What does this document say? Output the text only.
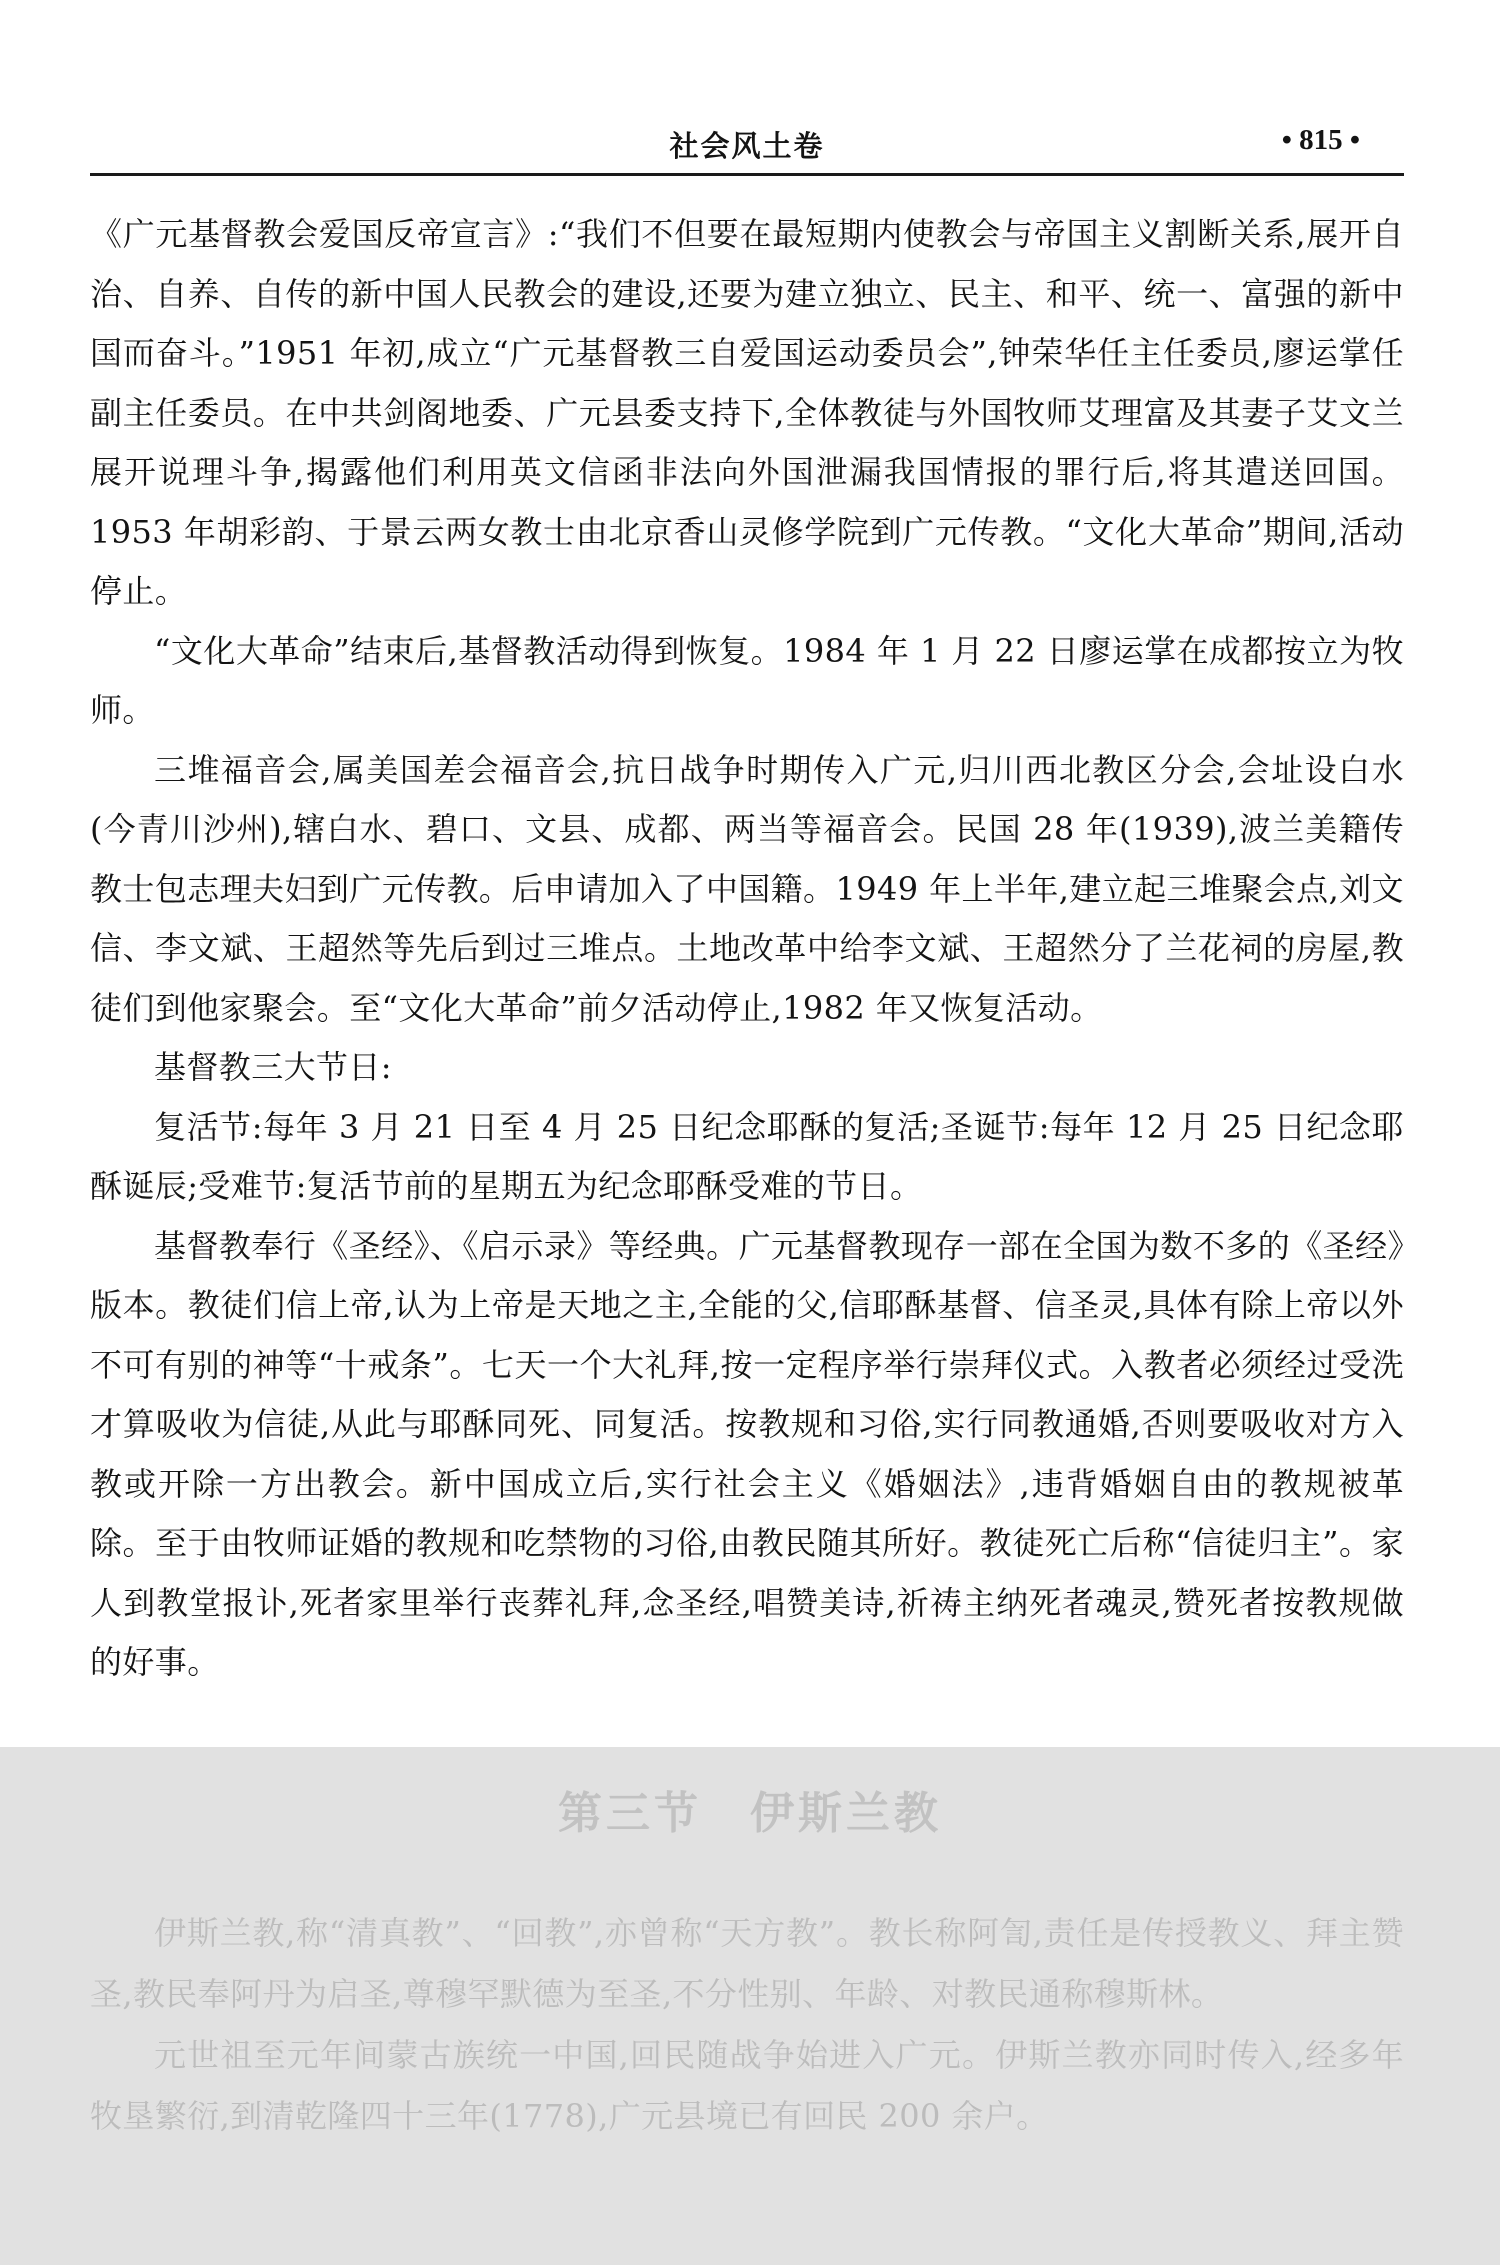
社会风土卷	• 815 •

《广元基督教会爱国反帝宣言》:“我们不但要在最短期内使教会与帝国主义割断关系,展开自治、自养、自传的新中国人民教会的建设,还要为建立独立、民主、和平、统一、富强的新中国而奋斗。”1951 年初,成立“广元基督教三自爱国运动委员会”,钟荣华任主任委员,廖运掌任副主任委员。在中共剑阁地委、广元县委支持下,全体教徒与外国牧师艾理富及其妻子艾文兰展开说理斗争,揭露他们利用英文信函非法向外国泄漏我国情报的罪行后,将其遣送回国。1953 年胡彩韵、于景云两女教士由北京香山灵修学院到广元传教。“文化大革命”期间,活动停止。

“文化大革命”结束后,基督教活动得到恢复。1984 年 1 月 22 日廖运掌在成都按立为牧师。

三堆福音会,属美国差会福音会,抗日战争时期传入广元,归川西北教区分会,会址设白水(今青川沙州),辖白水、碧口、文县、成都、两当等福音会。民国 28 年(1939),波兰美籍传教士包志理夫妇到广元传教。后申请加入了中国籍。1949 年上半年,建立起三堆聚会点,刘文信、李文斌、王超然等先后到过三堆点。土地改革中给李文斌、王超然分了兰花祠的房屋,教徒们到他家聚会。至“文化大革命”前夕活动停止,1982 年又恢复活动。

基督教三大节日:

复活节:每年 3 月 21 日至 4 月 25 日纪念耶酥的复活;圣诞节:每年 12 月 25 日纪念耶酥诞辰;受难节:复活节前的星期五为纪念耶酥受难的节日。

基督教奉行《圣经》、《启示录》等经典。广元基督教现存一部在全国为数不多的《圣经》版本。教徒们信上帝,认为上帝是天地之主,全能的父,信耶酥基督、信圣灵,具体有除上帝以外不可有别的神等“十戒条”。七天一个大礼拜,按一定程序举行崇拜仪式。入教者必须经过受洗才算吸收为信徒,从此与耶酥同死、同复活。按教规和习俗,实行同教通婚,否则要吸收对方入教或开除一方出教会。新中国成立后,实行社会主义《婚姻法》,违背婚姻自由的教规被革除。至于由牧师证婚的教规和吃禁物的习俗,由教民随其所好。教徒死亡后称“信徒归主”。家人到教堂报讣,死者家里举行丧葬礼拜,念圣经,唱赞美诗,祈祷主纳死者魂灵,赞死者按教规做的好事。

第三节 伊斯兰教

伊斯兰教,称“清真教”、“回教”,亦曾称“天方教”。教长称阿訇,责任是传授教义、拜主赞圣,教民奉阿丹为启圣,尊穆罕默德为至圣,不分性别、年龄、对教民通称穆斯林。

元世祖至元年间蒙古族统一中国,回民随战争始进入广元。伊斯兰教亦同时传入,经多年牧垦繁衍,到清乾隆四十三年(1778),广元县境已有回民 200 余户。
